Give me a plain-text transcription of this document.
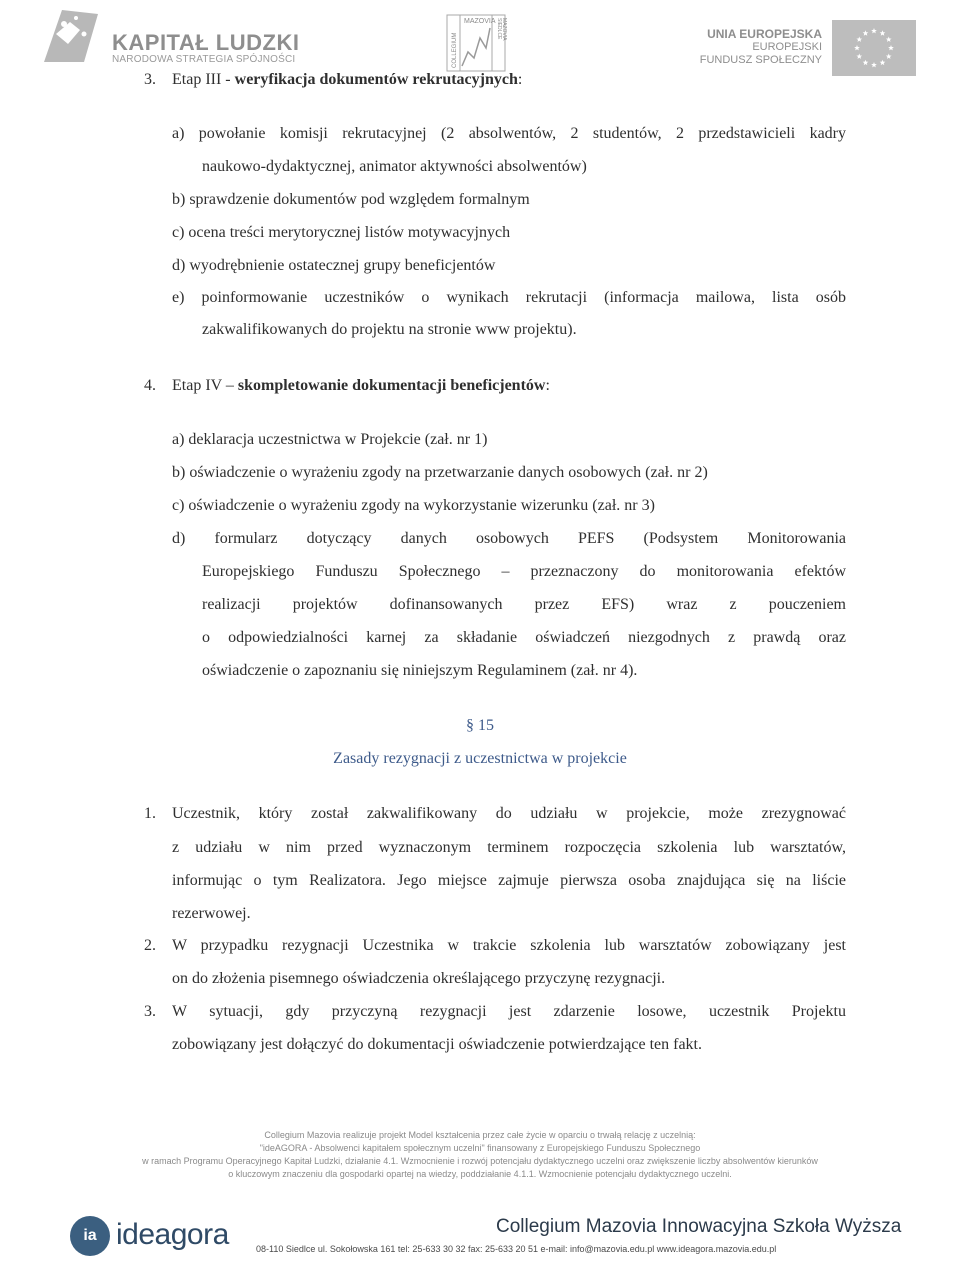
KAPITAŁ LUDZKI
NARODOWA STRATEGIA SPÓJNOŚCI	COLLEGIUM
MAZOVIA SIEDLCE MAZOVIA	UNIA EUROPEJSKA
EUROPEJSKI
FUNDUSZ SPOŁECZNY
3. Etap III - weryfikacja dokumentów rekrutacyjnych:
a) powołanie komisji rekrutacyjnej (2 absolwentów, 2 studentów, 2 przedstawicieli kadry
naukowo-dydaktycznej, animator aktywności absolwentów)
b) sprawdzenie dokumentów pod względem formalnym
c) ocena treści merytorycznej listów motywacyjnych
d) wyodrębnienie ostatecznej grupy beneficjentów
e) poinformowanie uczestników o wynikach rekrutacji (informacja mailowa, lista osób
zakwalifikowanych do projektu na stronie www projektu).
4. Etap IV – skompletowanie dokumentacji beneficjentów:
a) deklaracja uczestnictwa w Projekcie (zał. nr 1)
b) oświadczenie o wyrażeniu zgody na przetwarzanie danych osobowych (zał. nr 2)
c) oświadczenie o wyrażeniu zgody na wykorzystanie wizerunku (zał. nr 3)
d) formularz dotyczący danych osobowych PEFS (Podsystem Monitorowania
Europejskiego Funduszu Społecznego – przeznaczony do monitorowania efektów
realizacji projektów dofinansowanych przez EFS) wraz z pouczeniem
o odpowiedzialności karnej za składanie oświadczeń niezgodnych z prawdą oraz
oświadczenie o zapoznaniu się niniejszym Regulaminem (zał. nr 4).
§ 15
Zasady rezygnacji z uczestnictwa w projekcie
1. Uczestnik, który został zakwalifikowany do udziału w projekcie, może zrezygnować
z udziału w nim przed wyznaczonym terminem rozpoczęcia szkolenia lub warsztatów,
informując o tym Realizatora. Jego miejsce zajmuje pierwsza osoba znajdująca się na liście
rezerwowej.
2. W przypadku rezygnacji Uczestnika w trakcie szkolenia lub warsztatów zobowiązany jest
on do złożenia pisemnego oświadczenia określającego przyczynę rezygnacji.
3. W sytuacji, gdy przyczyną rezygnacji jest zdarzenie losowe, uczestnik Projektu
zobowiązany jest dołączyć do dokumentacji oświadczenie potwierdzające ten fakt.
Collegium Mazovia realizuje projekt Model kształcenia przez całe życie w oparciu o trwałą relację z uczelnią:
"ideAGORA - Absolwenci kapitałem społecznym uczelni" finansowany z Europejskiego Funduszu Społecznego
w ramach Programu Operacyjnego Kapitał Ludzki, działanie 4.1. Wzmocnienie i rozwój potencjału dydaktycznego uczelni oraz zwiększenie liczby absolwentów kierunków
o kluczowym znaczeniu dla gospodarki opartej na wiedzy, poddziałanie 4.1.1. Wzmocnienie potencjału dydaktycznego uczelni.
ia ideagora	Collegium Mazovia Innowacyjna Szkoła Wyższa
08-110 Siedlce ul. Sokołowska 161 tel: 25-633 30 32 fax: 25-633 20 51 e-mail: info@mazovia.edu.pl www.ideagora.mazovia.edu.pl
